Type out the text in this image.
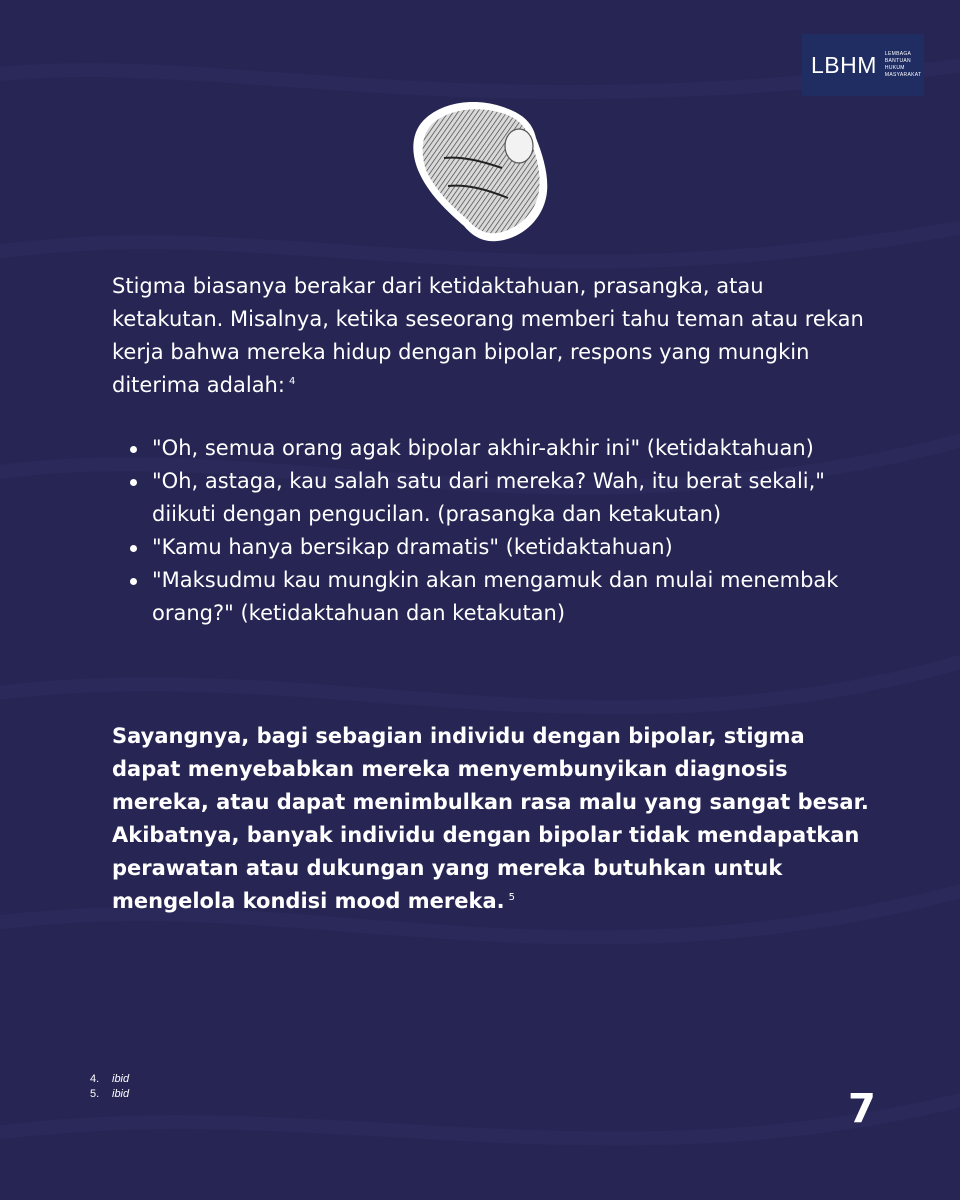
LBHM LEMBAGA
BANTUAN
HUKUM
MASYARAKAT

Stigma biasanya berakar dari ketidaktahuan, prasangka, atau ketakutan. Misalnya, ketika seseorang memberi tahu teman atau rekan kerja bahwa mereka hidup dengan bipolar, respons yang mungkin diterima adalah: $^4$

"Oh, semua orang agak bipolar akhir-akhir ini" (ketidaktahuan)
"Oh, astaga, kau salah satu dari mereka? Wah, itu berat sekali," diikuti dengan pengucilan. (prasangka dan ketakutan)
"Kamu hanya bersikap dramatis" (ketidaktahuan)
"Maksudmu kau mungkin akan mengamuk dan mulai menembak orang?" (ketidaktahuan dan ketakutan)

Sayangnya, bagi sebagian individu dengan bipolar, stigma dapat menyebabkan mereka menyembunyikan diagnosis mereka, atau dapat menimbulkan rasa malu yang sangat besar. Akibatnya, banyak individu dengan bipolar tidak mendapatkan perawatan atau dukungan yang mereka butuhkan untuk mengelola kondisi mood mereka. $^5$

4. ibid
5. ibid	7
